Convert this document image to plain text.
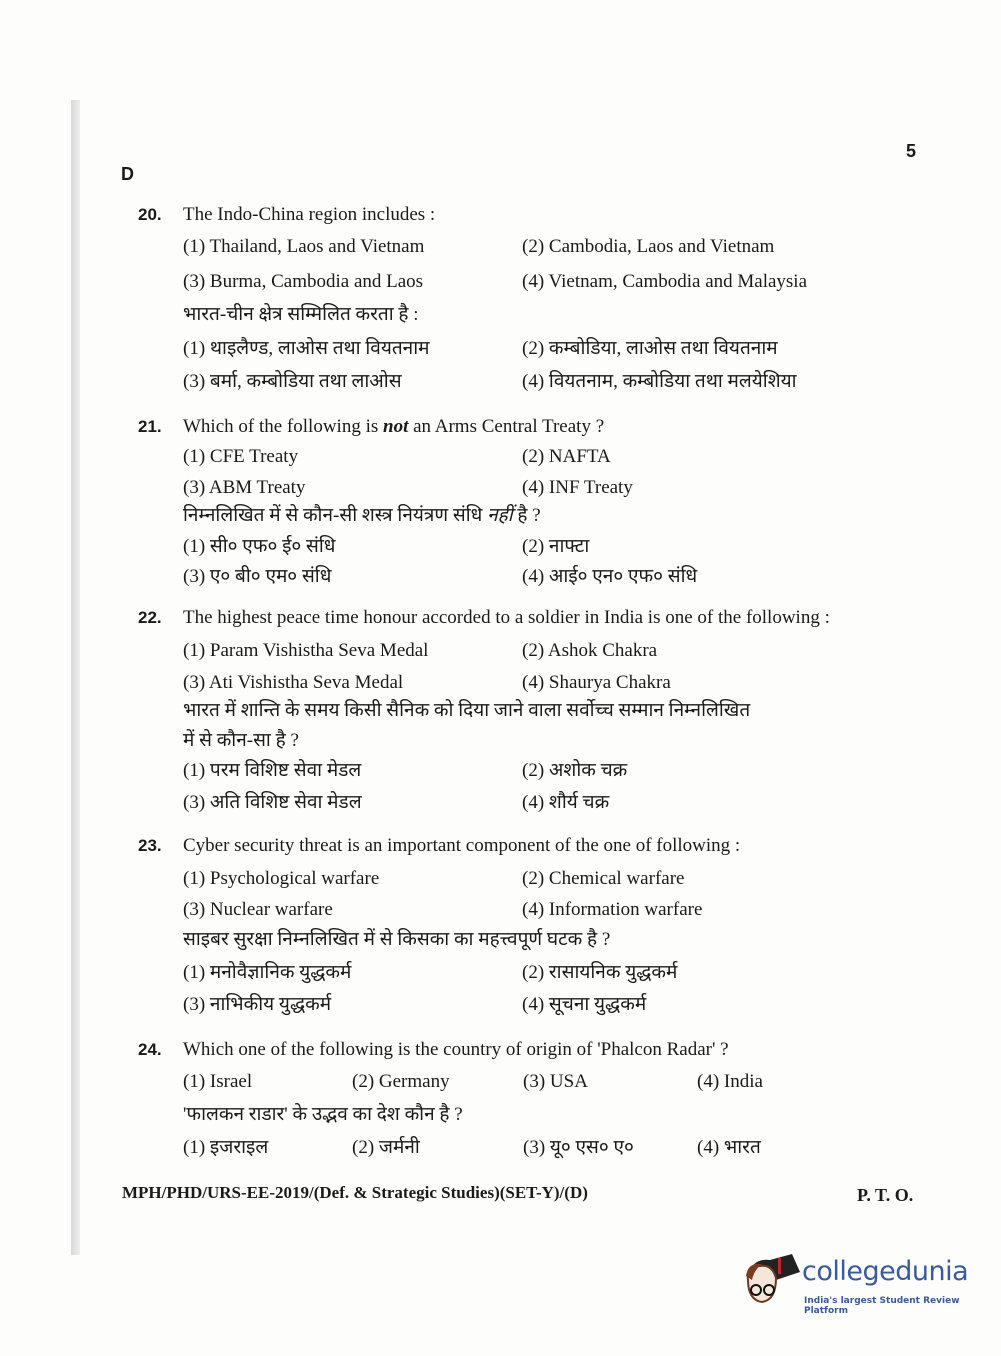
5
D
20. The Indo-China region includes :
(1) Thailand, Laos and Vietnam	(2) Cambodia, Laos and Vietnam
(3) Burma, Cambodia and Laos	(4) Vietnam, Cambodia and Malaysia
भारत-चीन क्षेत्र सम्मिलित करता है :
(1) थाइलैण्ड, लाओस तथा वियतनाम	(2) कम्बोडिया, लाओस तथा वियतनाम
(3) बर्मा, कम्बोडिया तथा लाओस	(4) वियतनाम, कम्बोडिया तथा मलयेशिया
21. Which of the following is not an Arms Central Treaty ?
(1) CFE Treaty	(2) NAFTA
(3) ABM Treaty	(4) INF Treaty
निम्नलिखित में से कौन-सी शस्त्र नियंत्रण संधि नहीं है ?
(1) सी० एफ० ई० संधि	(2) नाफ्टा
(3) ए० बी० एम० संधि	(4) आई० एन० एफ० संधि
22. The highest peace time honour accorded to a soldier in India is one of the following :
(1) Param Vishistha Seva Medal	(2) Ashok Chakra
(3) Ati Vishistha Seva Medal	(4) Shaurya Chakra
भारत में शान्ति के समय किसी सैनिक को दिया जाने वाला सर्वोच्च सम्मान निम्नलिखित
में से कौन-सा है ?
(1) परम विशिष्ट सेवा मेडल	(2) अशोक चक्र
(3) अति विशिष्ट सेवा मेडल	(4) शौर्य चक्र
23. Cyber security threat is an important component of the one of following :
(1) Psychological warfare	(2) Chemical warfare
(3) Nuclear warfare	(4) Information warfare
साइबर सुरक्षा निम्नलिखित में से किसका का महत्त्वपूर्ण घटक है ?
(1) मनोवैज्ञानिक युद्धकर्म	(2) रासायनिक युद्धकर्म
(3) नाभिकीय युद्धकर्म	(4) सूचना युद्धकर्म
24. Which one of the following is the country of origin of 'Phalcon Radar' ?
(1) Israel	(2) Germany	(3) USA	(4) India
'फालकन राडार' के उद्भव का देश कौन है ?
(1) इजराइल	(2) जर्मनी	(3) यू० एस० ए०	(4) भारत
MPH/PHD/URS-EE-2019/(Def. & Strategic Studies)(SET-Y)/(D)	P. T. O.
collegedunia
India's largest Student Review Platform
